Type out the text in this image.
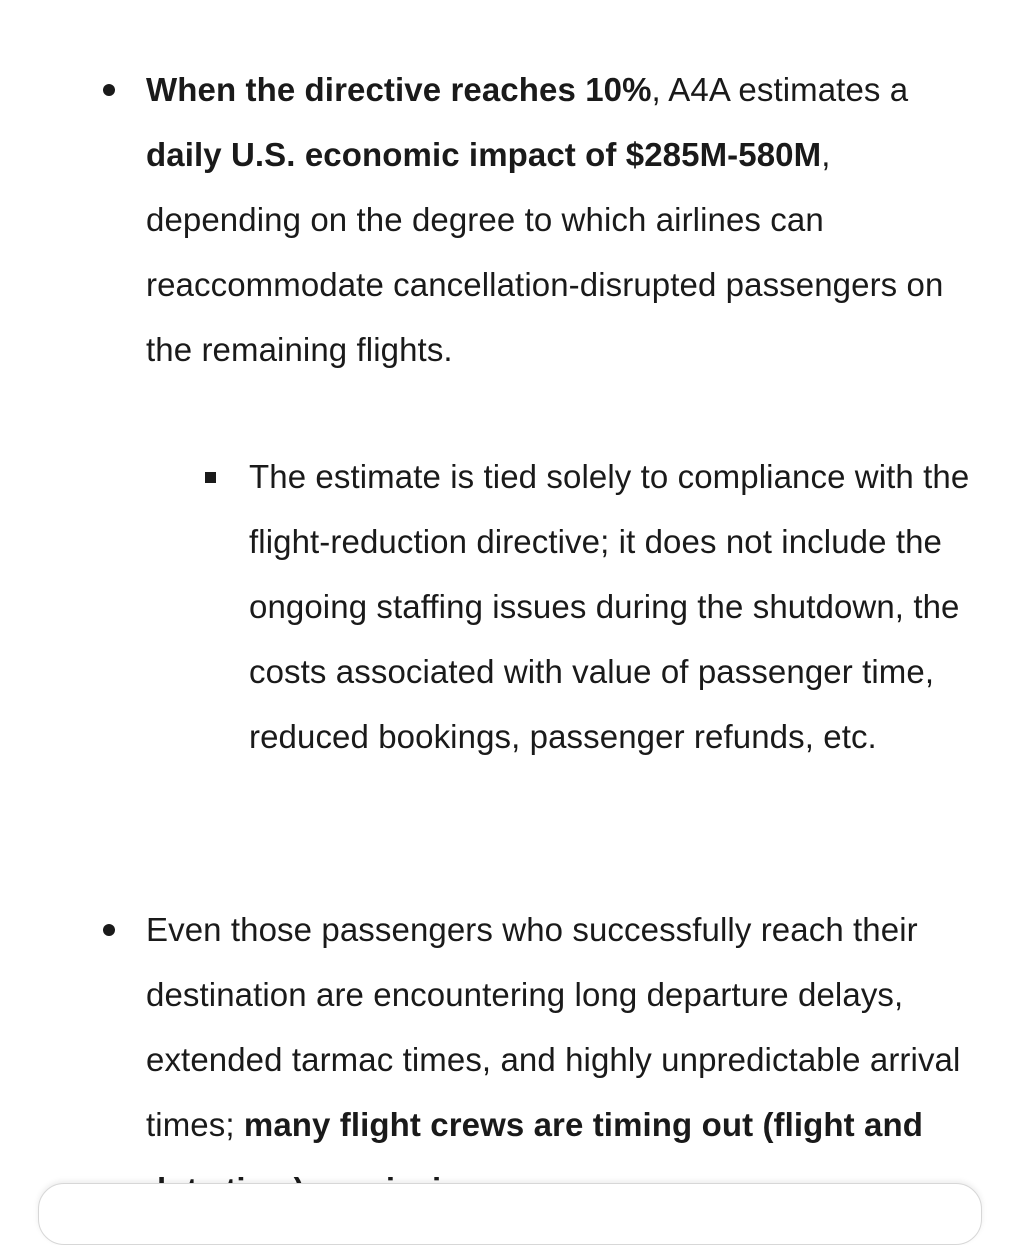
When the directive reaches 10%, A4A estimates a daily U.S. economic impact of $285M-580M, depending on the degree to which airlines can reaccommodate cancellation-disrupted passengers on the remaining flights.
The estimate is tied solely to compliance with the flight-reduction directive; it does not include the ongoing staffing issues during the shutdown, the costs associated with value of passenger time, reduced bookings, passenger refunds, etc.
Even those passengers who successfully reach their destination are encountering long departure delays, extended tarmac times, and highly unpredictable arrival times; many flight crews are timing out (flight and
